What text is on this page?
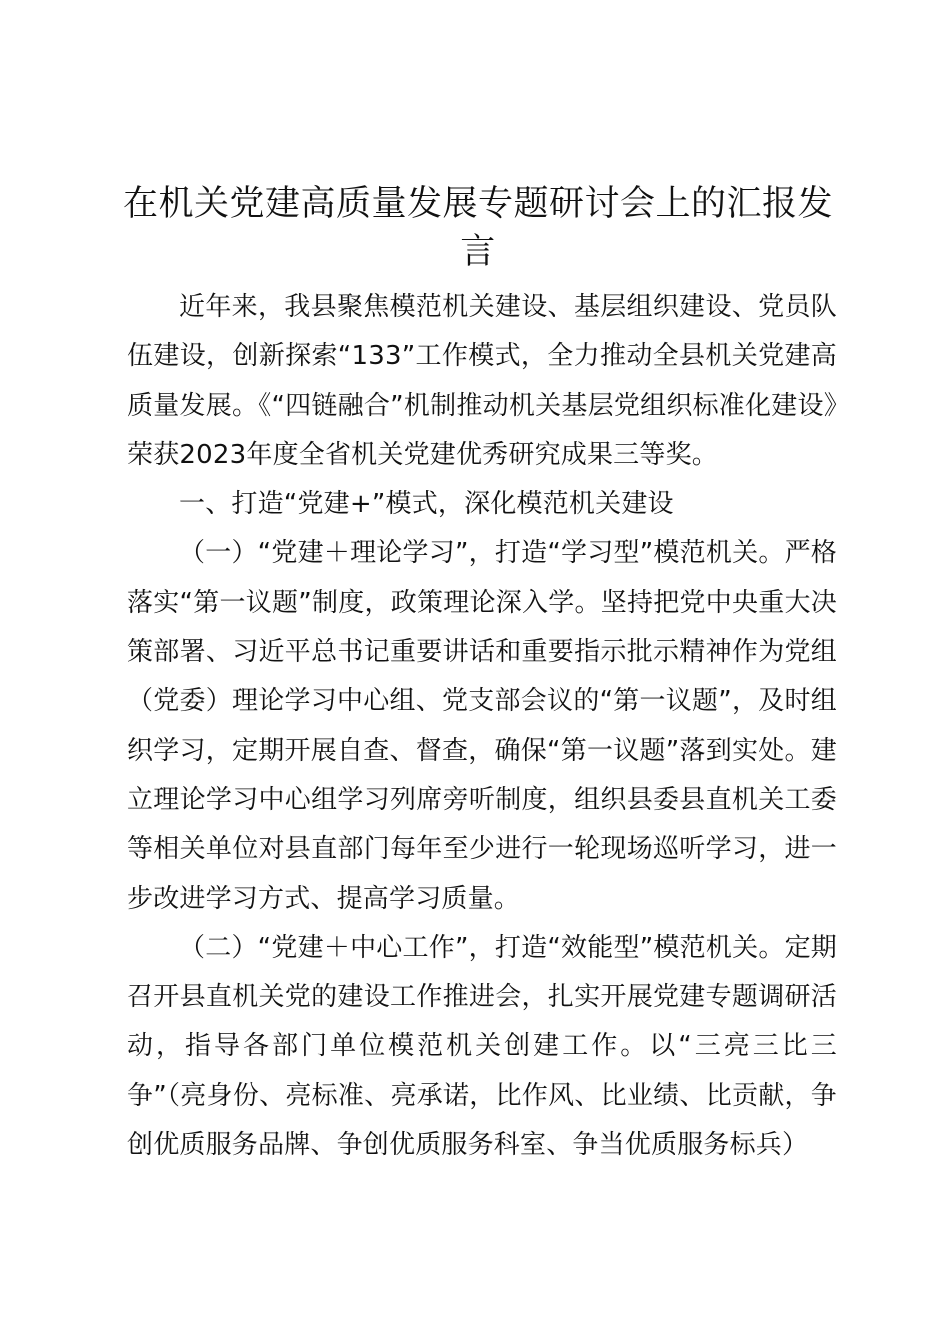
在机关党建高质量发展专题研讨会上的汇报发言

近年来，我县聚焦模范机关建设、基层组织建设、党员队伍建设，创新探索“133”工作模式，全力推动全县机关党建高质量发展。《“四链融合”机制推动机关基层党组织标准化建设》荣获2023年度全省机关党建优秀研究成果三等奖。

一、打造“党建+”模式，深化模范机关建设

（一）“党建＋理论学习”，打造“学习型”模范机关。严格落实“第一议题”制度，政策理论深入学。坚持把党中央重大决策部署、习近平总书记重要讲话和重要指示批示精神作为党组（党委）理论学习中心组、党支部会议的“第一议题”，及时组织学习，定期开展自查、督查，确保“第一议题”落到实处。建立理论学习中心组学习列席旁听制度，组织县委县直机关工委等相关单位对县直部门每年至少进行一轮现场巡听学习，进一步改进学习方式、提高学习质量。

（二）“党建＋中心工作”，打造“效能型”模范机关。定期召开县直机关党的建设工作推进会，扎实开展党建专题调研活动，指导各部门单位模范机关创建工作。以“三亮三比三争”（亮身份、亮标准、亮承诺，比作风、比业绩、比贡献，争创优质服务品牌、争创优质服务科室、争当优质服务标兵）
